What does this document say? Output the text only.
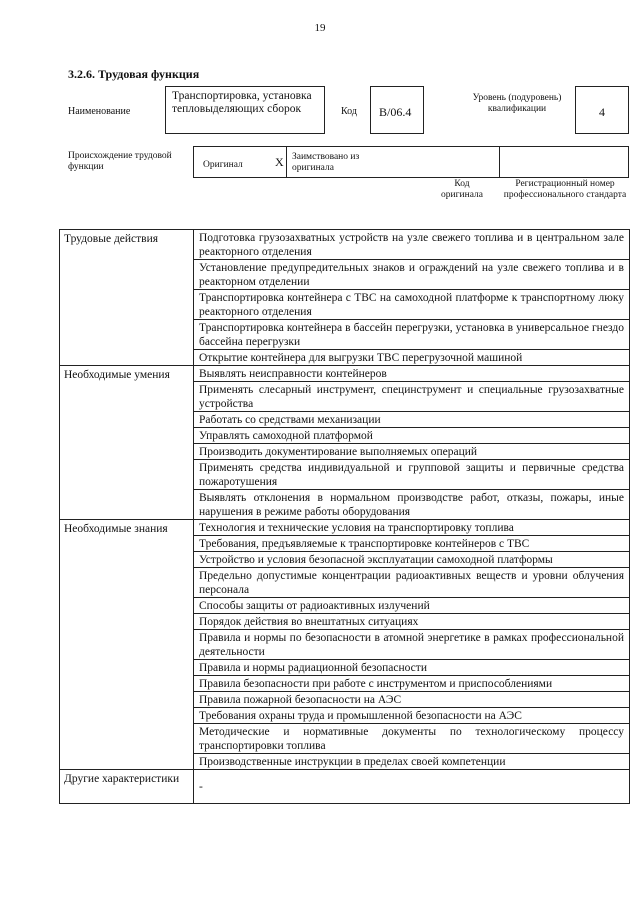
19
3.2.6. Трудовая функция
Наименование
Транспортировка, установка тепловыделяющих сборок	Код	B/06.4
Уровень (подуровень) квалификации	4
Происхождение трудовой функции	Оригинал	X Заимствовано из оригинала
Код оригинала
Регистрационный номер профессионального стандарта
Трудовые действия	Подготовка грузозахватных устройств на узле свежего топлива и в центральном зале реакторного отделения
	Установление предупредительных знаков и ограждений на узле свежего топлива и в реакторном отделении
	Транспортировка контейнера с ТВС на самоходной платформе к транспортному люку реакторного отделения
	Транспортировка контейнера в бассейн перегрузки, установка в универсальное гнездо бассейна перегрузки
	Открытие контейнера для выгрузки ТВС перегрузочной машиной
Необходимые умения	Выявлять неисправности контейнеров
	Применять слесарный инструмент, специнструмент и специальные грузозахватные устройства
	Работать со средствами механизации
	Управлять самоходной платформой
	Производить документирование выполняемых операций
	Применять средства индивидуальной и групповой защиты и первичные средства пожаротушения
	Выявлять отклонения в нормальном производстве работ, отказы, пожары, иные нарушения в режиме работы оборудования
Необходимые знания	Технология и технические условия на транспортировку топлива
	Требования, предъявляемые к транспортировке контейнеров с ТВС
	Устройство и условия безопасной эксплуатации самоходной платформы
	Предельно допустимые концентрации радиоактивных веществ и уровни облучения персонала
	Способы защиты от радиоактивных излучений
	Порядок действия во внештатных ситуациях
	Правила и нормы по безопасности в атомной энергетике в рамках профессиональной деятельности
	Правила и нормы радиационной безопасности
	Правила безопасности при работе с инструментом и приспособлениями
	Правила пожарной безопасности на АЭС
	Требования охраны труда и промышленной безопасности на АЭС
	Методические и нормативные документы по технологическому процессу транспортировки топлива
	Производственные инструкции в пределах своей компетенции
Другие характеристики	-
